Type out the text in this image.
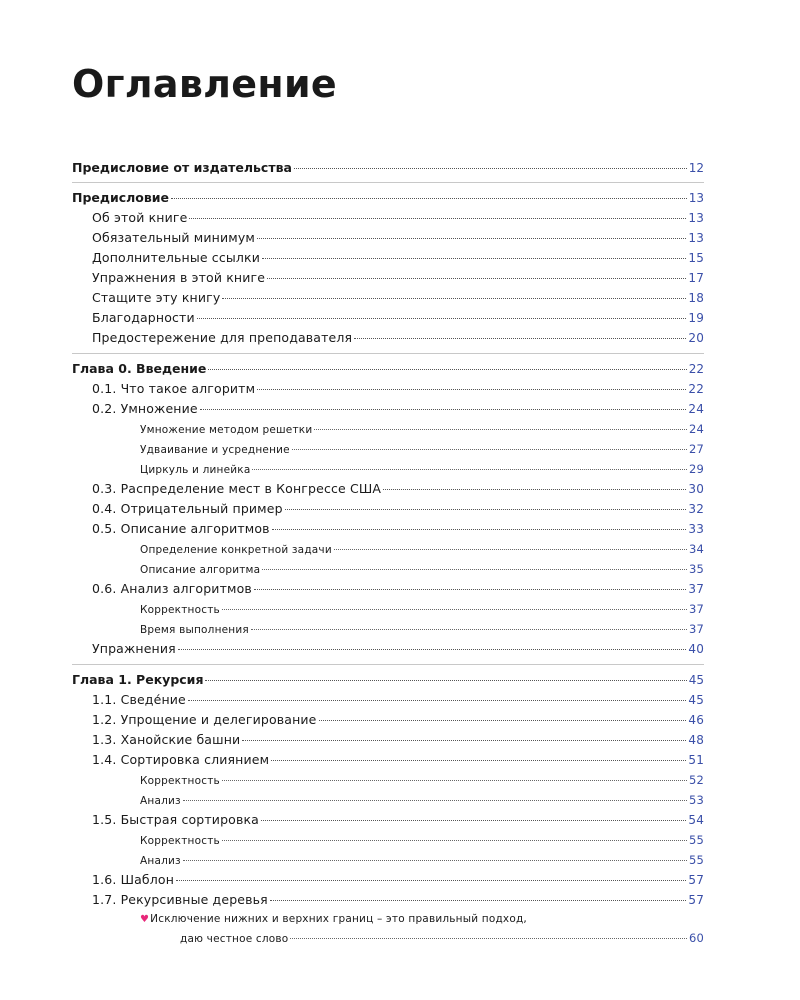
Оглавление
Предисловие от издательства	12
Предисловие	13
Об этой книге	13
Обязательный минимум	13
Дополнительные ссылки	15
Упражнения в этой книге	17
Стащите эту книгу	18
Благодарности	19
Предостережение для преподавателя	20
Глава 0. Введение	22
0.1. Что такое алгоритм	22
0.2. Умножение	24
Умножение методом решетки	24
Удваивание и усреднение	27
Циркуль и линейка	29
0.3. Распределение мест в Конгрессе США	30
0.4. Отрицательный пример	32
0.5. Описание алгоритмов	33
Определение конкретной задачи	34
Описание алгоритма	35
0.6. Анализ алгоритмов	37
Корректность	37
Время выполнения	37
Упражнения	40
Глава 1. Рекурсия	45
1.1. Сведе́ние	45
1.2. Упрощение и делегирование	46
1.3. Ханойские башни	48
1.4. Сортировка слиянием	51
Корректность	52
Анализ	53
1.5. Быстрая сортировка	54
Корректность	55
Анализ	55
1.6. Шаблон	57
1.7. Рекурсивные деревья	57
♥Исключение нижних и верхних границ – это правильный подход,
даю честное слово	60
